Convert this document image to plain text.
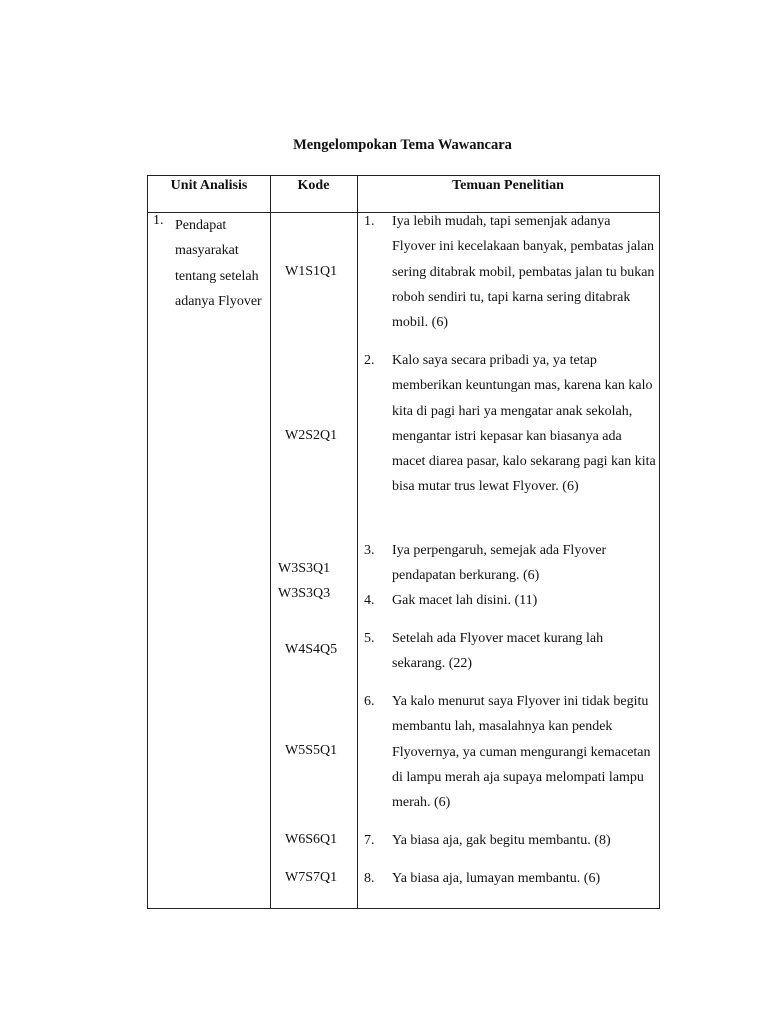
Mengelompokan Tema Wawancara
Unit Analisis	Kode	Temuan Penelitian
1. Pendapat masyarakat tentang setelah adanya Flyover
W1S1Q1
W2S2Q1
W3S3Q1
W3S3Q3
W4S4Q5
W5S5Q1
W6S6Q1
W7S7Q1
1. Iya lebih mudah, tapi semenjak adanya Flyover ini kecelakaan banyak, pembatas jalan sering ditabrak mobil, pembatas jalan tu bukan roboh sendiri tu, tapi karna sering ditabrak mobil. (6)
2. Kalo saya secara pribadi ya, ya tetap memberikan keuntungan mas, karena kan kalo kita di pagi hari ya mengatar anak sekolah, mengantar istri kepasar kan biasanya ada macet diarea pasar, kalo sekarang pagi kan kita bisa mutar trus lewat Flyover. (6)
3. Iya perpengaruh, semejak ada Flyover pendapatan berkurang. (6)
4. Gak macet lah disini. (11)
5. Setelah ada Flyover macet kurang lah sekarang. (22)
6. Ya kalo menurut saya Flyover ini tidak begitu membantu lah, masalahnya kan pendek Flyovernya, ya cuman mengurangi kemacetan di lampu merah aja supaya melompati lampu merah. (6)
7. Ya biasa aja, gak begitu membantu. (8)
8. Ya biasa aja, lumayan membantu. (6)
